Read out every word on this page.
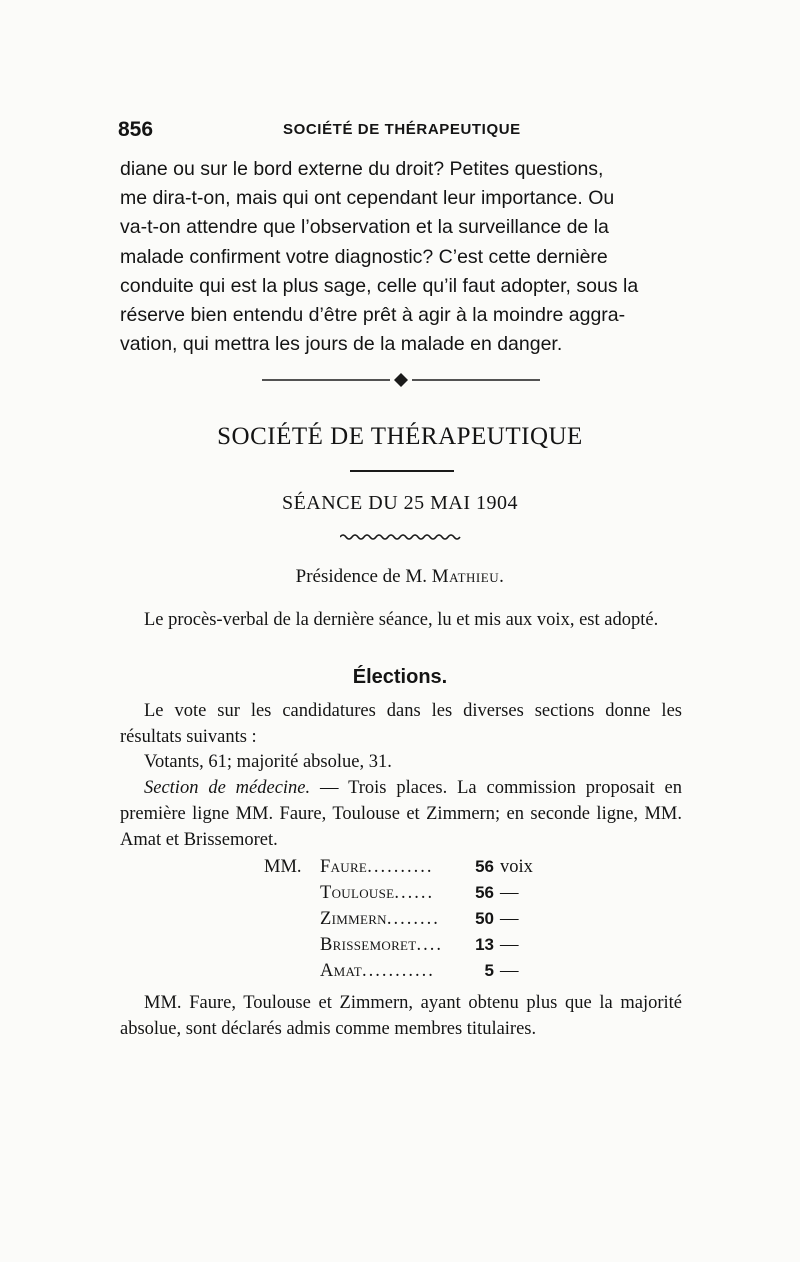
856	SOCIÉTÉ DE THÉRAPEUTIQUE
diane ou sur le bord externe du droit? Petites questions,
me dira-t-on, mais qui ont cependant leur importance. Ou
va-t-on attendre que l’observation et la surveillance de la
malade confirment votre diagnostic? C’est cette dernière
conduite qui est la plus sage, celle qu’il faut adopter, sous la
réserve bien entendu d’être prêt à agir à la moindre aggra-
vation, qui mettra les jours de la malade en danger.
SOCIÉTÉ DE THÉRAPEUTIQUE
SÉANCE DU 25 MAI 1904
Présidence de M. Mathieu.
Le procès-verbal de la dernière séance, lu et mis aux voix, est adopté.
Élections.
Le vote sur les candidatures dans les diverses sections donne les résultats suivants :
Votants, 61; majorité absolue, 31.
Section de médecine. — Trois places. La commission proposait en première ligne MM. Faure, Toulouse et Zimmern; en seconde ligne, MM. Amat et Brissemoret.
MM. Faure..........	56 voix
Toulouse......	56 —
Zimmern........	50 —
Brissemoret....	13 —
Amat...........	5 —
MM. Faure, Toulouse et Zimmern, ayant obtenu plus que la majorité absolue, sont déclarés admis comme membres titulaires.
